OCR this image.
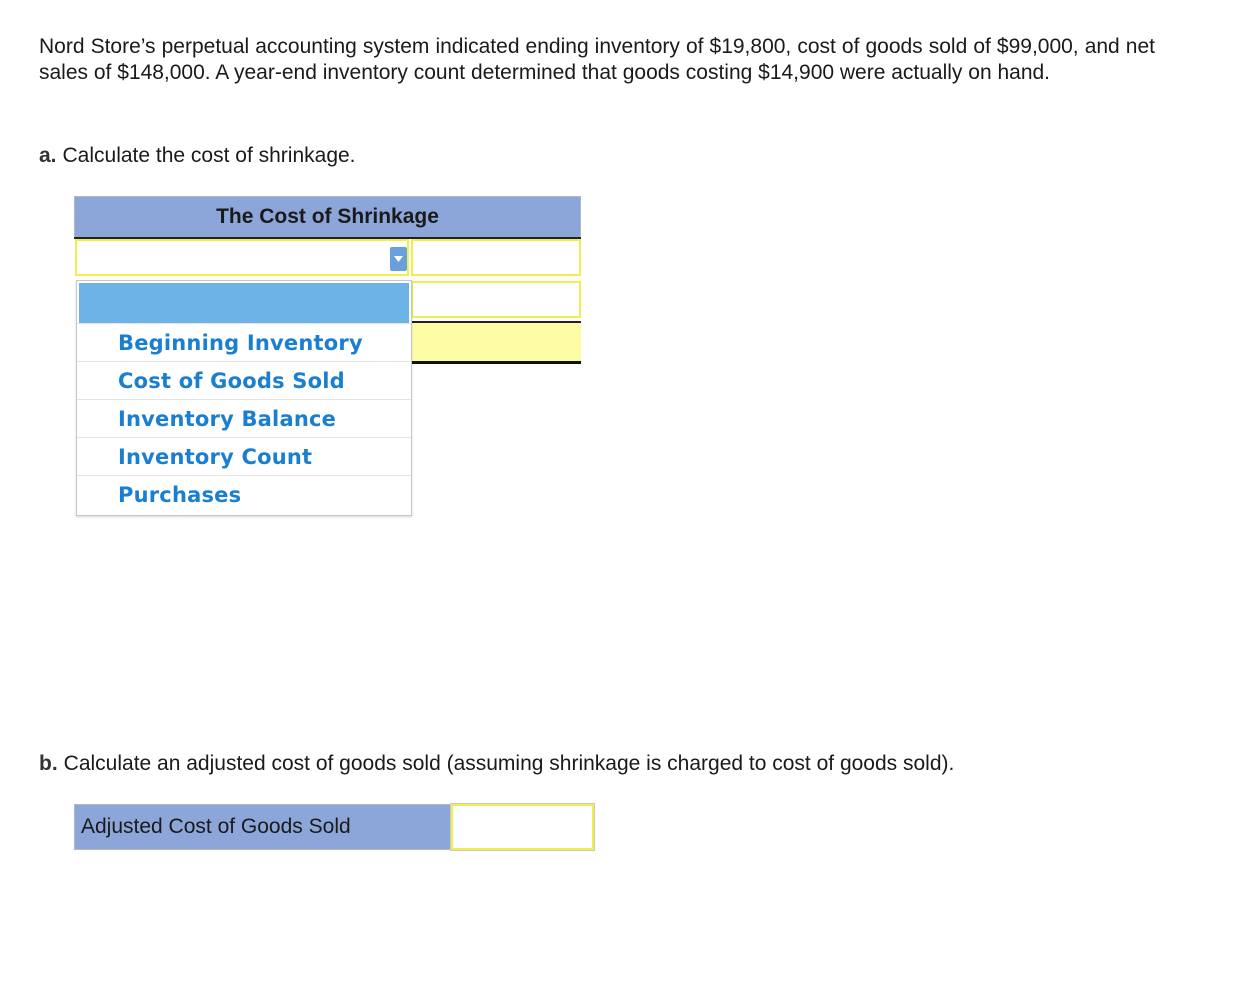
Nord Store’s perpetual accounting system indicated ending inventory of $19,800, cost of goods sold of $99,000, and net sales of $148,000. A year-end inventory count determined that goods costing $14,900 were actually on hand.

a. Calculate the cost of shrinkage.

The Cost of Shrinkage
Beginning Inventory
Cost of Goods Sold
Inventory Balance
Inventory Count
Purchases

b. Calculate an adjusted cost of goods sold (assuming shrinkage is charged to cost of goods sold).

Adjusted Cost of Goods Sold
